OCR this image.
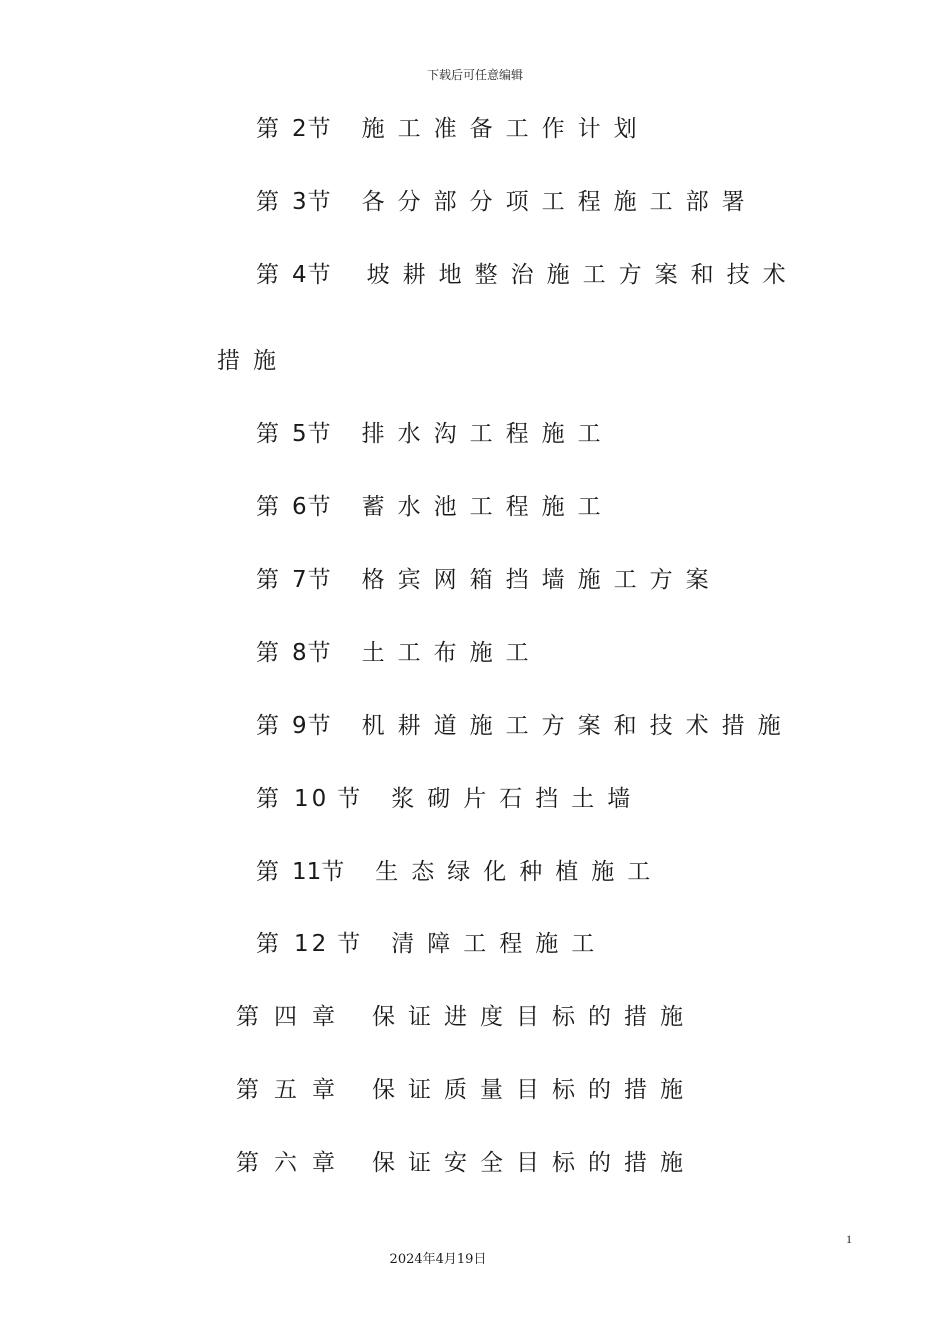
下载后可任意编辑
第2节 施工准备工作计划
第3节 各分部分项工程施工部署
第4节 坡耕地整治施工方案和技术
措施
第5节 排水沟工程施工
第6节 蓄水池工程施工
第7节 格宾网箱挡墙施工方案
第8节 土工布施工
第9节 机耕道施工方案和技术措施
第10 节 浆砌片石挡土墙
第11节 生态绿化种植施工
第12 节 清障工程施工
第四章 保证进度目标的措施
第五章 保证质量目标的措施
第六章 保证安全目标的措施
1
2024年4月19日
